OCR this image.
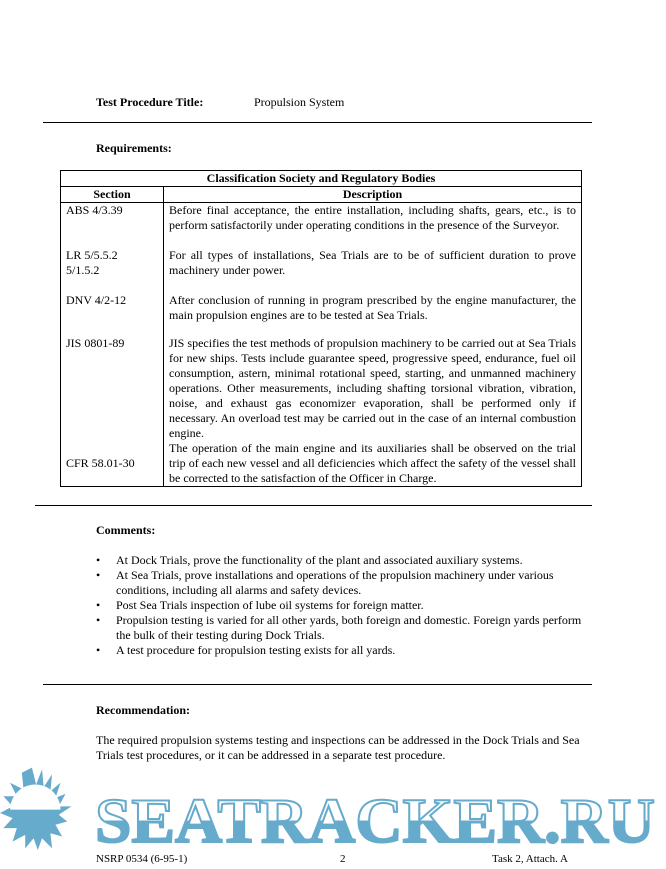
Test Procedure Title:	Propulsion System
Requirements:
Classification Society and Regulatory Bodies	
Section	Description

ABS 4/3.39	Before final acceptance, the entire installation, including shafts, gears, etc., is to perform satisfactorily under operating conditions in the presence of the Surveyor.

LR 5/5.5.2
5/1.5.2	For all types of installations, Sea Trials are to be of sufficient duration to prove machinery under power.

DNV 4/2-12	After conclusion of running in program prescribed by the engine manufacturer, the main propulsion engines are to be tested at Sea Trials.

JIS 0801-89	JIS specifies the test methods of propulsion machinery to be carried out at Sea Trials for new ships. Tests include guarantee speed, progressive speed, endurance, fuel oil consumption, astern, minimal rotational speed, starting, and unmanned machinery operations. Other measurements, including shafting torsional vibration, vibration, noise, and exhaust gas economizer evaporation, shall be performed only if necessary. An overload test may be carried out in the case of an internal combustion engine.

CFR 58.01-30	The operation of the main engine and its auxiliaries shall be observed on the trial trip of each new vessel and all deficiencies which affect the safety of the vessel shall be corrected to the satisfaction of the Officer in Charge.
Comments:
• At Dock Trials, prove the functionality of the plant and associated auxiliary systems.
• At Sea Trials, prove installations and operations of the propulsion machinery under various conditions, including all alarms and safety devices.
• Post Sea Trials inspection of lube oil systems for foreign matter.
• Propulsion testing is varied for all other yards, both foreign and domestic. Foreign yards perform the bulk of their testing during Dock Trials.
• A test procedure for propulsion testing exists for all yards.
Recommendation:
The required propulsion systems testing and inspections can be addressed in the Dock Trials and Sea Trials test procedures, or it can be addressed in a separate test procedure.
SEATRACKER.RU
NSRP 0534 (6-95-1)	2	Task 2, Attach. A
